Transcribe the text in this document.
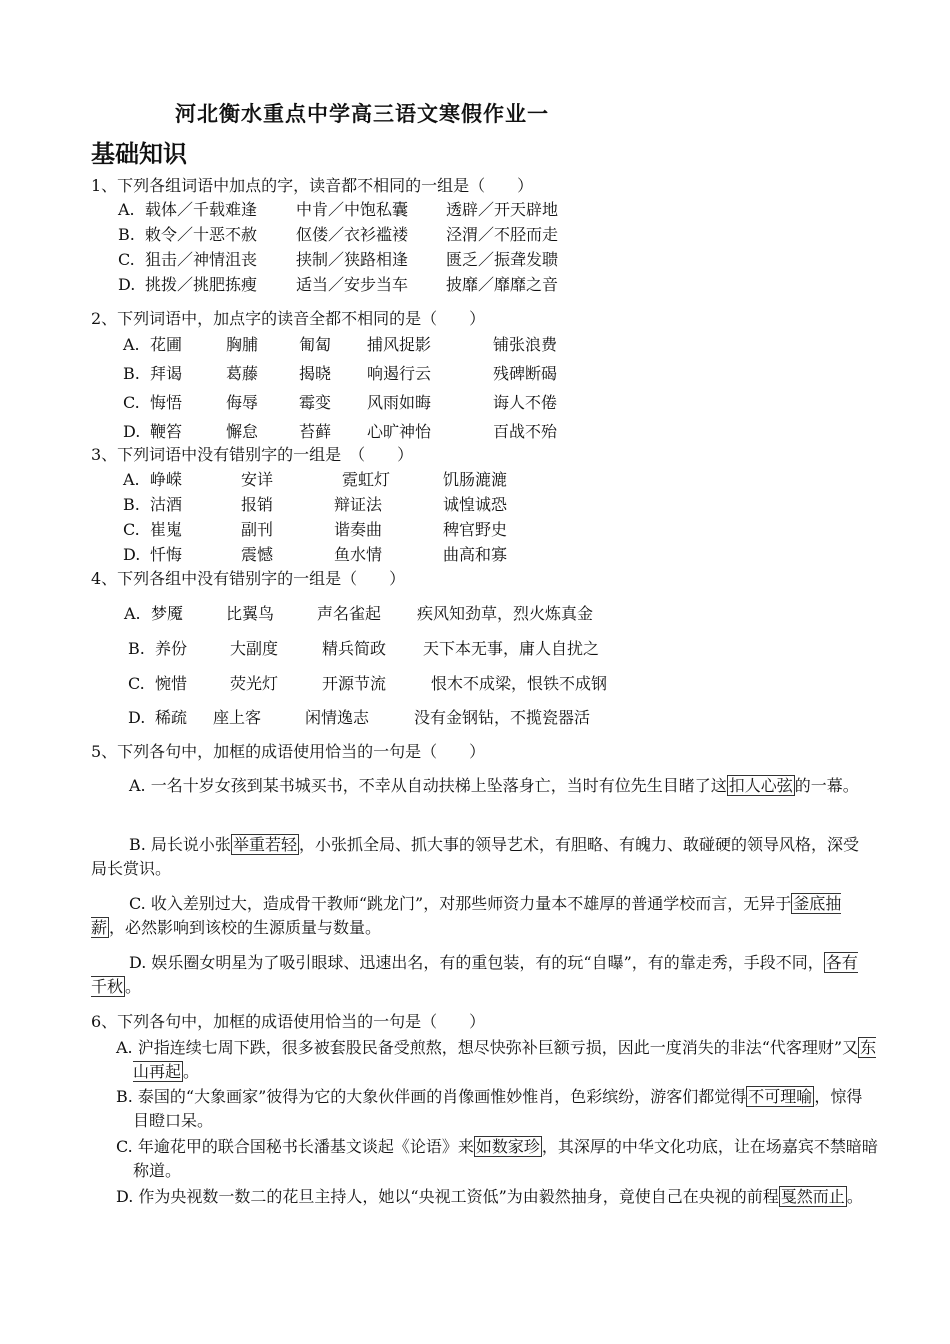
河北衡水重点中学高三语文寒假作业一
基础知识
1、下列各组词语中加点的字，读音都不相同的一组是（　　）
A. 载体／千载难逢 中肯／中饱私囊 透辟／开天辟地
B. 敕令／十恶不赦 伛偻／衣衫褴褛 泾渭／不胫而走
C. 狙击／神情沮丧 挟制／狭路相逢 匮乏／振聋发聩
D. 挑拨／挑肥拣瘦 适当／安步当车 披靡／靡靡之音
2、下列词语中，加点字的读音全都不相同的是（　　）
A. 花圃	胸脯	匍匐 捕风捉影	铺张浪费
B. 拜谒	葛藤	揭晓 响遏行云	残碑断碣
C. 悔悟	侮辱	霉变 风雨如晦	诲人不倦
D. 鞭笞	懈怠	苔藓 心旷神怡	百战不殆
3、下列词语中没有错别字的一组是　（　　）
A. 峥嵘	安详	霓虹灯	饥肠漉漉
B. 沽酒	报销	辩证法	诚惶诚恐
C. 崔嵬	副刊	谐奏曲	稗官野史
D. 忏悔	震憾	鱼水情	曲高和寡
4、下列各组中没有错别字的一组是（　　）
A. 梦魇	比翼鸟	声名雀起 疾风知劲草，烈火炼真金
B. 养份	大副度	精兵简政 天下本无事，庸人自扰之
C. 惋惜	荧光灯	开源节流	恨木不成梁，恨铁不成钢
D. 稀疏 座上客	闲情逸志	没有金钢钻，不揽瓷器活
5、下列各句中，加框的成语使用恰当的一句是（　　）
A. 一名十岁女孩到某书城买书，不幸从自动扶梯上坠落身亡，当时有位先生目睹了这 扣人心弦 的一幕。
B. 局长说小张 举重若轻 ，小张抓全局、抓大事的领导艺术，有胆略、有魄力、敢碰硬的领导风格，深受局长赏识。
C. 收入差别过大，造成骨干教师“跳龙门”，对那些师资力量本不雄厚的普通学校而言，无异于 釜底抽薪 ，必然影响到该校的生源质量与数量。
D. 娱乐圈女明星为了吸引眼球、迅速出名，有的重包装，有的玩“自曝”，有的靠走秀，手段不同， 各有千秋 。
6、下列各句中，加框的成语使用恰当的一句是（　　）
A. 沪指连续七周下跌，很多被套股民备受煎熬，想尽快弥补巨额亏损，因此一度消失的非法“代客理财”又 东山再起 。
B. 泰国的“大象画家”彼得为它的大象伙伴画的肖像画惟妙惟肖，色彩缤纷，游客们都觉得 不可理喻 ，惊得目瞪口呆。
C. 年逾花甲的联合国秘书长潘基文谈起《论语》来 如数家珍 ，其深厚的中华文化功底，让在场嘉宾不禁暗暗称道。
D. 作为央视数一数二的花旦主持人，她以“央视工资低”为由毅然抽身，竟使自己在央视的前程 戛然而止 。
